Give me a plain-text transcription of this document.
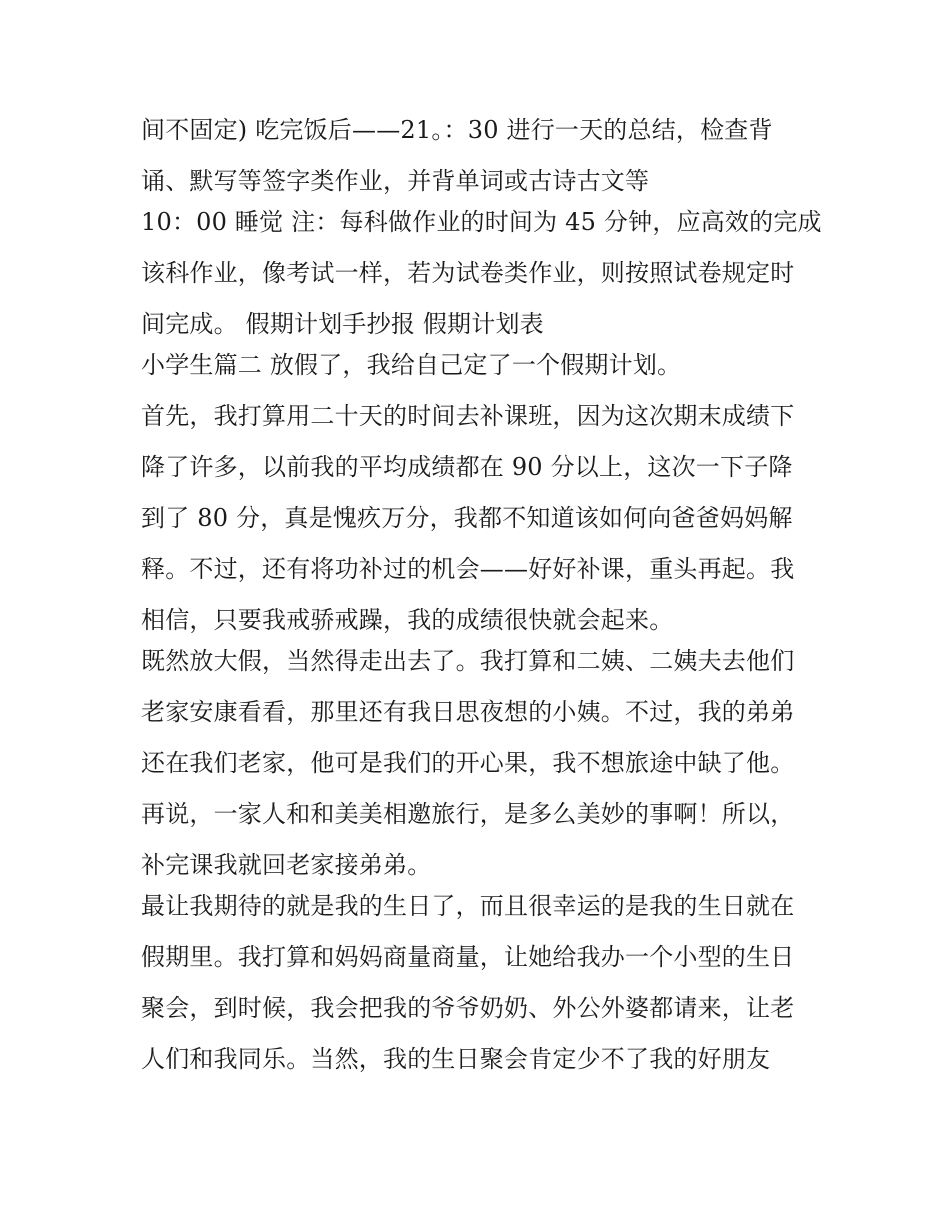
间不固定) 吃完饭后——21。：30 进行一天的总结，检查背
诵、默写等签字类作业，并背单词或古诗古文等
10：00 睡觉 注：每科做作业的时间为 45 分钟，应高效的完成
该科作业，像考试一样，若为试卷类作业，则按照试卷规定时
间完成。 假期计划手抄报 假期计划表
小学生篇二 放假了，我给自己定了一个假期计划。
首先，我打算用二十天的时间去补课班，因为这次期末成绩下
降了许多，以前我的平均成绩都在 90 分以上，这次一下子降
到了 80 分，真是愧疚万分，我都不知道该如何向爸爸妈妈解
释。不过，还有将功补过的机会——好好补课，重头再起。我
相信，只要我戒骄戒躁，我的成绩很快就会起来。
既然放大假，当然得走出去了。我打算和二姨、二姨夫去他们
老家安康看看，那里还有我日思夜想的小姨。不过，我的弟弟
还在我们老家，他可是我们的开心果，我不想旅途中缺了他。
再说，一家人和和美美相邀旅行，是多么美妙的事啊！所以，
补完课我就回老家接弟弟。
最让我期待的就是我的生日了，而且很幸运的是我的生日就在
假期里。我打算和妈妈商量商量，让她给我办一个小型的生日
聚会，到时候，我会把我的爷爷奶奶、外公外婆都请来，让老
人们和我同乐。当然，我的生日聚会肯定少不了我的好朋友
